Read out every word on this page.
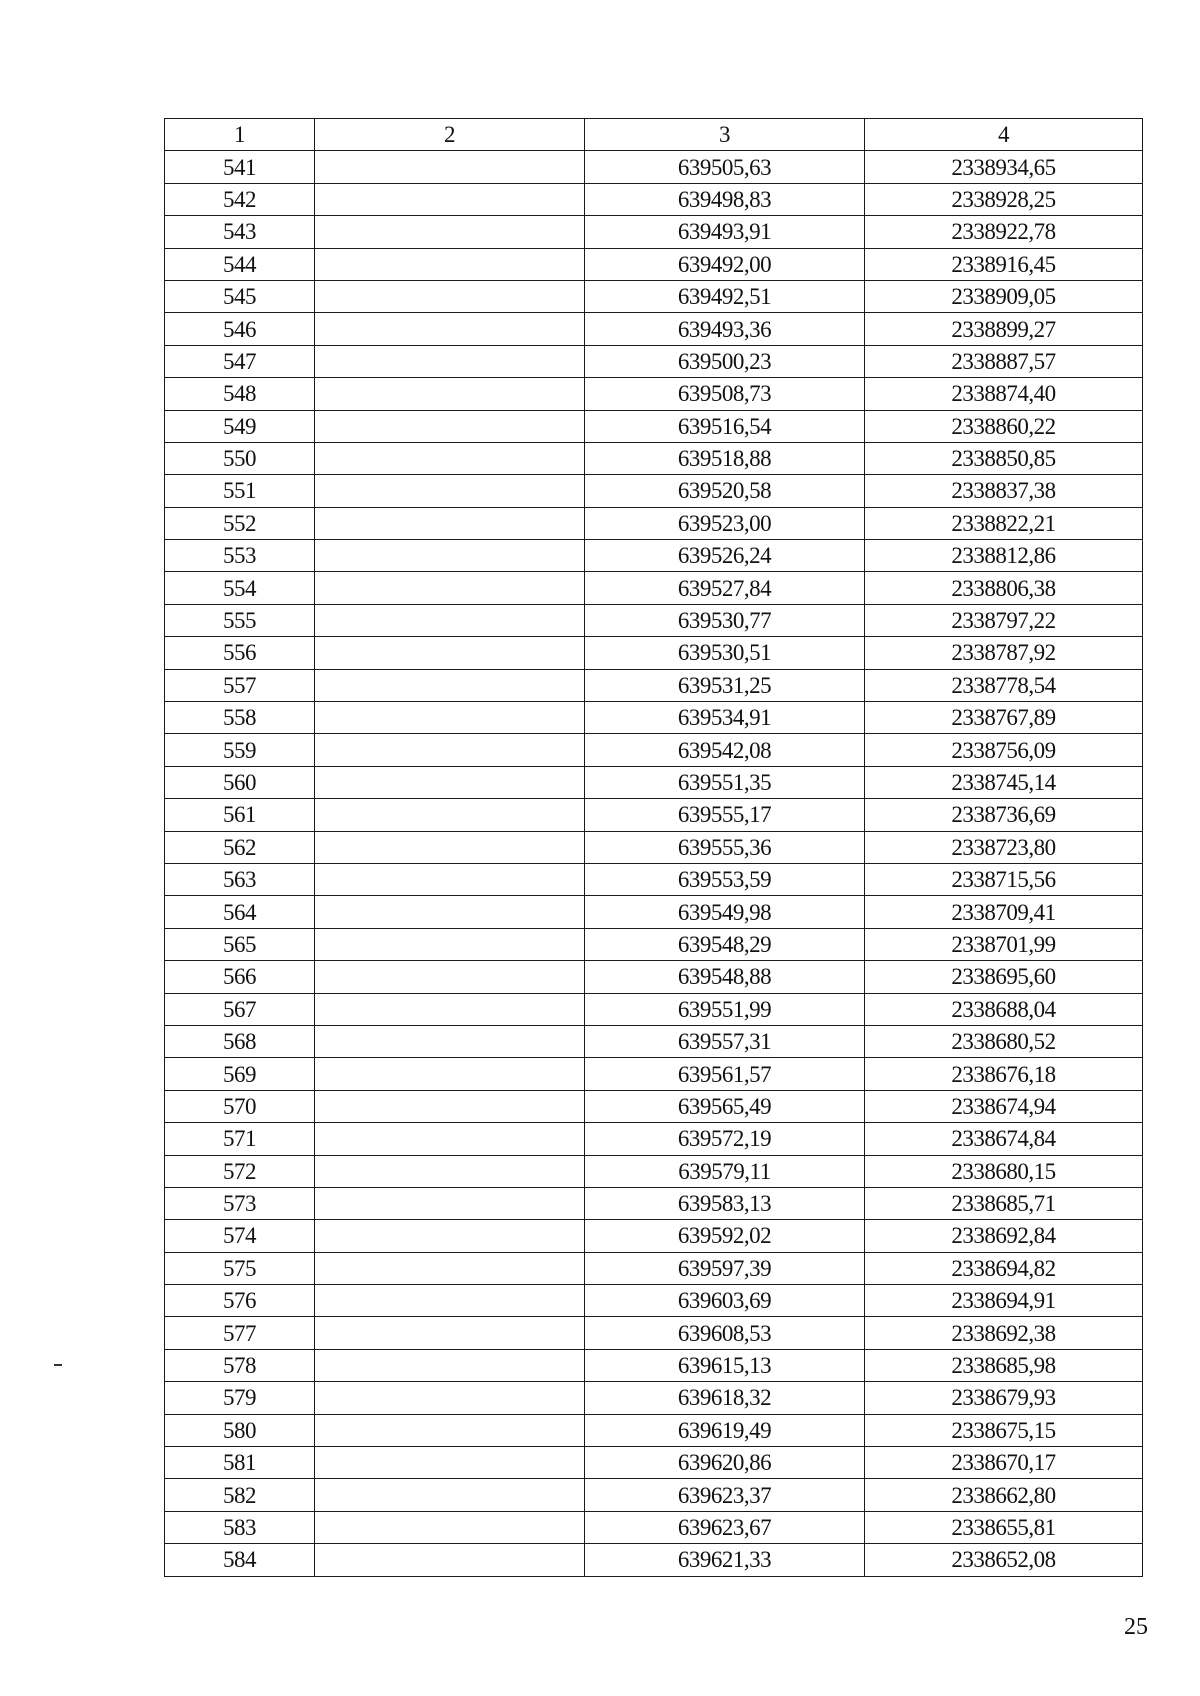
1	2	3	4
541		639505,63	2338934,65
542		639498,83	2338928,25
543		639493,91	2338922,78
544		639492,00	2338916,45
545		639492,51	2338909,05
546		639493,36	2338899,27
547		639500,23	2338887,57
548		639508,73	2338874,40
549		639516,54	2338860,22
550		639518,88	2338850,85
551		639520,58	2338837,38
552		639523,00	2338822,21
553		639526,24	2338812,86
554		639527,84	2338806,38
555		639530,77	2338797,22
556		639530,51	2338787,92
557		639531,25	2338778,54
558		639534,91	2338767,89
559		639542,08	2338756,09
560		639551,35	2338745,14
561		639555,17	2338736,69
562		639555,36	2338723,80
563		639553,59	2338715,56
564		639549,98	2338709,41
565		639548,29	2338701,99
566		639548,88	2338695,60
567		639551,99	2338688,04
568		639557,31	2338680,52
569		639561,57	2338676,18
570		639565,49	2338674,94
571		639572,19	2338674,84
572		639579,11	2338680,15
573		639583,13	2338685,71
574		639592,02	2338692,84
575		639597,39	2338694,82
576		639603,69	2338694,91
577		639608,53	2338692,38
578		639615,13	2338685,98
579		639618,32	2338679,93
580		639619,49	2338675,15
581		639620,86	2338670,17
582		639623,37	2338662,80
583		639623,67	2338655,81
584		639621,33	2338652,08
25
